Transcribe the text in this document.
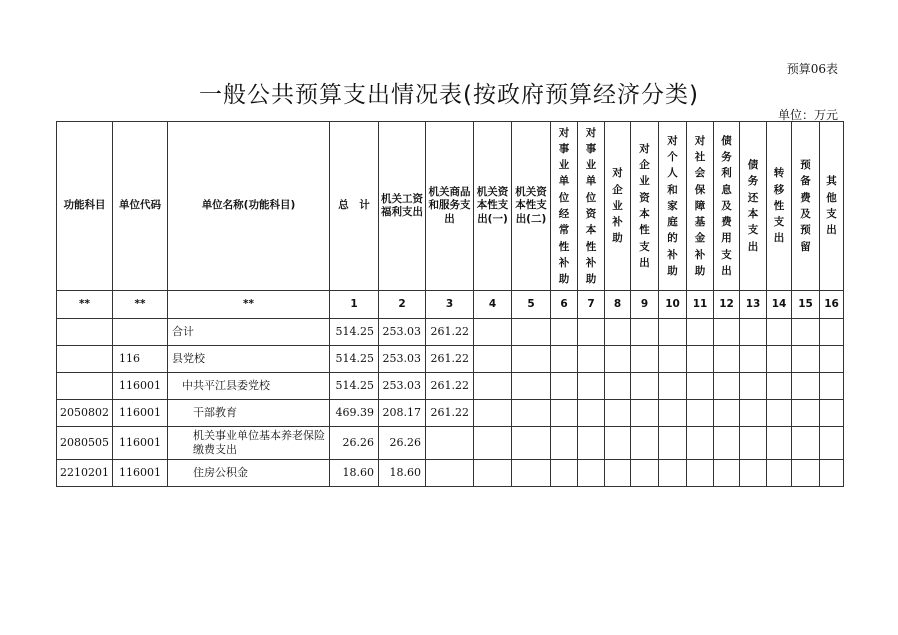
预算06表
一般公共预算支出情况表(按政府预算经济分类)
单位：万元
功能科目	单位代码	单位名称(功能科目)	总　计	机关工资福利支出	机关商品和服务支出	机关资本性支出(一)	机关资本性支出(二)	对事业单位经常性补助	对事业单位资本性补助	对企业补助	对企业资本性支出	对个人和家庭的补助	对社会保障基金补助	债务利息及费用支出	债务还本支出	转移性支出	预备费及预留	其他支出
**	**	**	1	2	3	4	5	6	7	8	9	10	11	12	13	14	15	16
		合计	514.25	253.03	261.22													
	116	县党校	514.25	253.03	261.22													
	116001	中共平江县委党校	514.25	253.03	261.22													
2050802	116001	干部教育	469.39	208.17	261.22													
2080505	116001	机关事业单位基本养老保险缴费支出	26.26	26.26														
2210201	116001	住房公积金	18.60	18.60														
